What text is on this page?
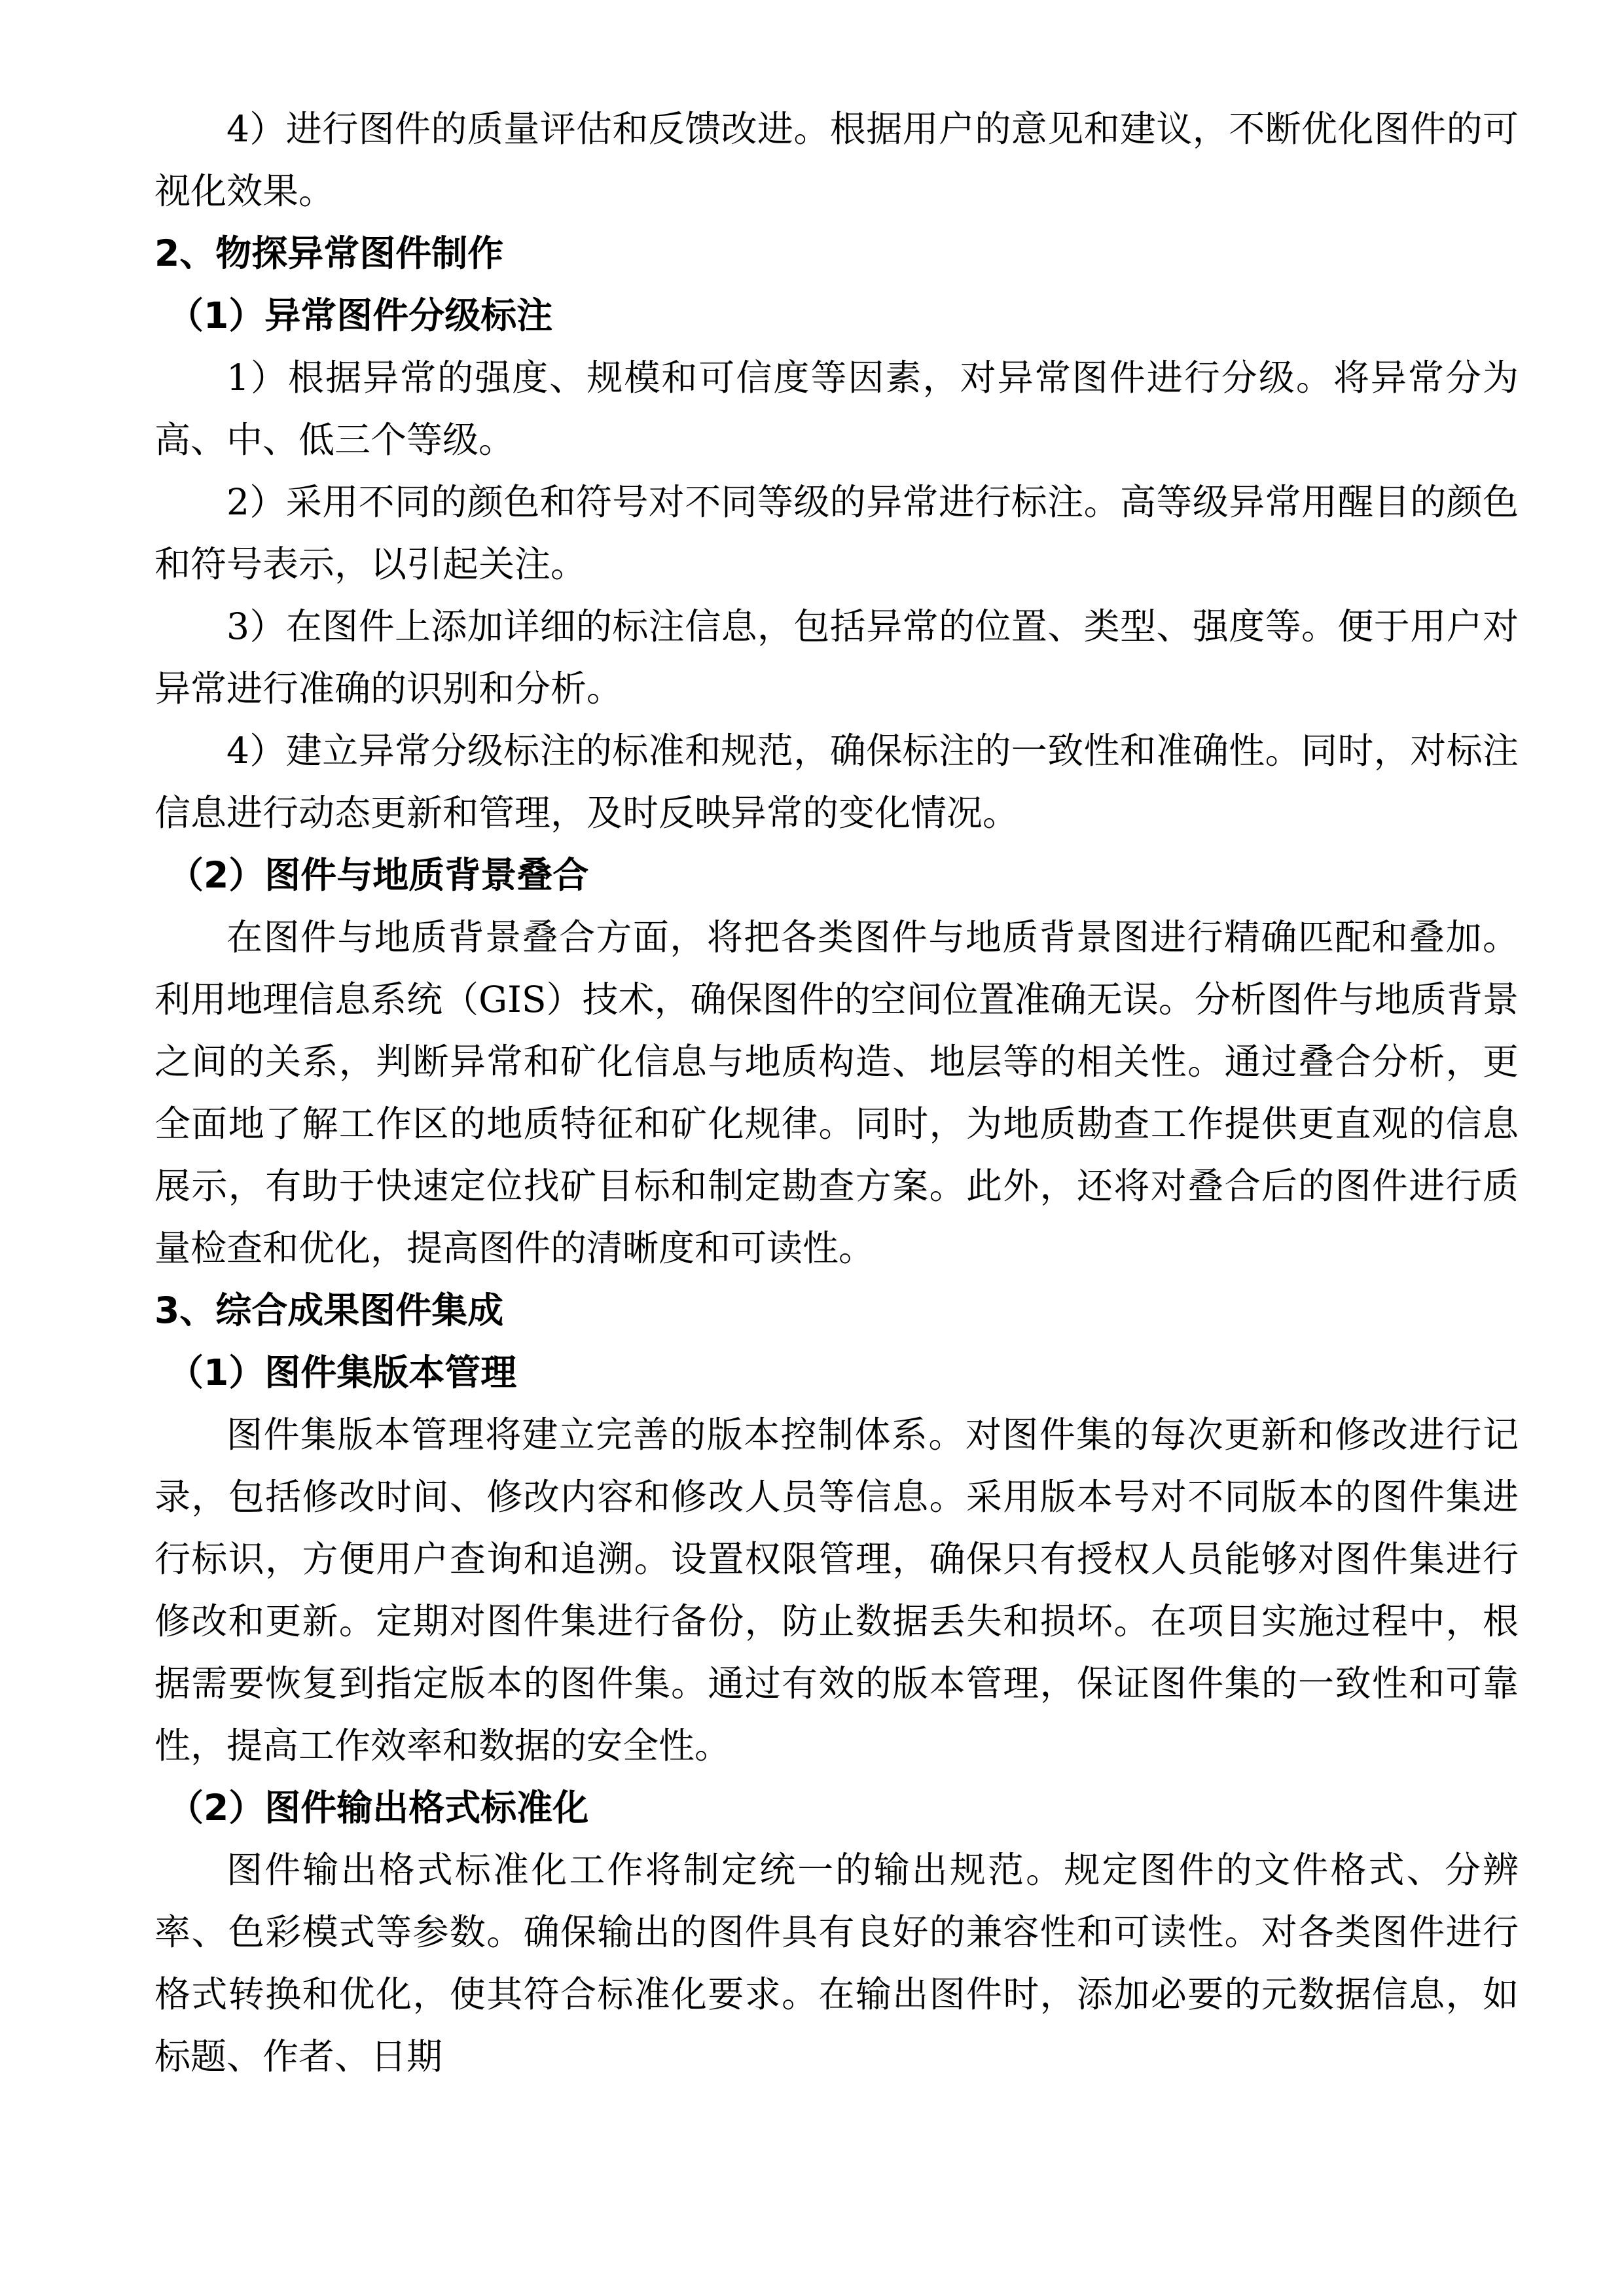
4）进行图件的质量评估和反馈改进。根据用户的意见和建议，不断优化图件的可视化效果。

2、物探异常图件制作

（1）异常图件分级标注

1）根据异常的强度、规模和可信度等因素，对异常图件进行分级。将异常分为高、中、低三个等级。

2）采用不同的颜色和符号对不同等级的异常进行标注。高等级异常用醒目的颜色和符号表示，以引起关注。

3）在图件上添加详细的标注信息，包括异常的位置、类型、强度等。便于用户对异常进行准确的识别和分析。

4）建立异常分级标注的标准和规范，确保标注的一致性和准确性。同时，对标注信息进行动态更新和管理，及时反映异常的变化情况。

（2）图件与地质背景叠合

在图件与地质背景叠合方面，将把各类图件与地质背景图进行精确匹配和叠加。利用地理信息系统（GIS）技术，确保图件的空间位置准确无误。分析图件与地质背景之间的关系，判断异常和矿化信息与地质构造、地层等的相关性。通过叠合分析，更全面地了解工作区的地质特征和矿化规律。同时，为地质勘查工作提供更直观的信息展示，有助于快速定位找矿目标和制定勘查方案。此外，还将对叠合后的图件进行质量检查和优化，提高图件的清晰度和可读性。

3、综合成果图件集成

（1）图件集版本管理

图件集版本管理将建立完善的版本控制体系。对图件集的每次更新和修改进行记录，包括修改时间、修改内容和修改人员等信息。采用版本号对不同版本的图件集进行标识，方便用户查询和追溯。设置权限管理，确保只有授权人员能够对图件集进行修改和更新。定期对图件集进行备份，防止数据丢失和损坏。在项目实施过程中，根据需要恢复到指定版本的图件集。通过有效的版本管理，保证图件集的一致性和可靠性，提高工作效率和数据的安全性。

（2）图件输出格式标准化

图件输出格式标准化工作将制定统一的输出规范。规定图件的文件格式、分辨率、色彩模式等参数。确保输出的图件具有良好的兼容性和可读性。对各类图件进行格式转换和优化，使其符合标准化要求。在输出图件时，添加必要的元数据信息，如标题、作者、日期
